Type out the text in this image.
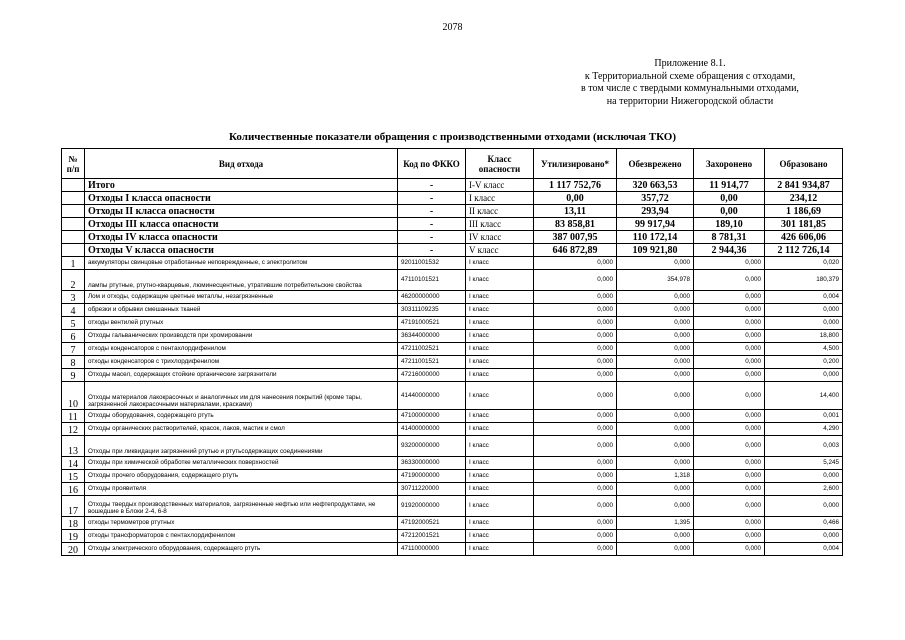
2078
Приложение 8.1.
к Территориальной схеме обращения с отходами,
в том числе с твердыми коммунальными отходами,
на территории Нижегородской области
Количественные показатели обращения с производственными отходами (исключая ТКО)
№ п/п	Вид отхода	Код по ФККО	Класс опасности	Утилизировано*	Обезврежено	Захоронено	Образовано
	Итого	-	I-V класс	1 117 752,76	320 663,53	11 914,77	2 841 934,87
	Отходы I класса опасности	-	I класс	0,00	357,72	0,00	234,12
	Отходы II класса опасности	-	II класс	13,11	293,94	0,00	1 186,69
	Отходы III класса опасности	-	III класс	83 858,81	99 917,94	189,10	301 181,85
	Отходы IV класса опасности	-	IV класс	387 007,95	110 172,14	8 781,31	426 606,06
	Отходы V класса опасности	-	V класс	646 872,89	109 921,80	2 944,36	2 112 726,14
1	аккумуляторы свинцовые отработанные неповрежденные, с электролитом	92011001532	I класс	0,000	0,000	0,000	0,020
2	лампы ртутные, ртутно-кварцевые, люминесцентные, утратившие потребительские свойства	47110101521	I класс	0,000	354,978	0,000	180,379
3	Лом и отходы, содержащие цветные металлы, незагрязненные	46200000000	I класс	0,000	0,000	0,000	0,004
4	обрезки и обрывки смешанных тканей	30311109235	I класс	0,000	0,000	0,000	0,000
5	отходы вентилей ртутных	47191000521	I класс	0,000	0,000	0,000	0,000
6	Отходы гальванических производств при хромировании	36344000000	I класс	0,000	0,000	0,000	18,800
7	отходы конденсаторов с пентахлордифенилом	47211002521	I класс	0,000	0,000	0,000	4,500
8	отходы конденсаторов с трихлордифенилом	47211001521	I класс	0,000	0,000	0,000	0,200
9	Отходы масел, содержащих стойкие органические загрязнители	47216000000	I класс	0,000	0,000	0,000	0,000
10	Отходы материалов лакокрасочных и аналогичных им для нанесения покрытий (кроме тары, загрязненной лакокрасочными материалами, красками)	41440000000	I класс	0,000	0,000	0,000	14,400
11	Отходы оборудования, содержащего ртуть	47100000000	I класс	0,000	0,000	0,000	0,001
12	Отходы органических растворителей, красок, лаков, мастик и смол	41400000000	I класс	0,000	0,000	0,000	4,290
13	Отходы при ликвидации загрязнений ртутью и ртутьсодержащих соединениями	93200000000	I класс	0,000	0,000	0,000	0,003
14	Отходы при химической обработке металлических поверхностей	36330000000	I класс	0,000	0,000	0,000	5,245
15	Отходы прочего оборудования, содержащего ртуть	47190000000	I класс	0,000	1,318	0,000	0,000
16	Отходы проявителя	30711220000	I класс	0,000	0,000	0,000	2,600
17	Отходы твердых производственных материалов, загрязненные нефтью или нефтепродуктами, не вошедшие в Блоки 2-4, 6-8	91920000000	I класс	0,000	0,000	0,000	0,000
18	отходы термометров ртутных	47192000521	I класс	0,000	1,395	0,000	0,466
19	отходы трансформаторов с пентахлордифенилом	47212001521	I класс	0,000	0,000	0,000	0,000
20	Отходы электрического оборудования, содержащего ртуть	47110000000	I класс	0,000	0,000	0,000	0,004
